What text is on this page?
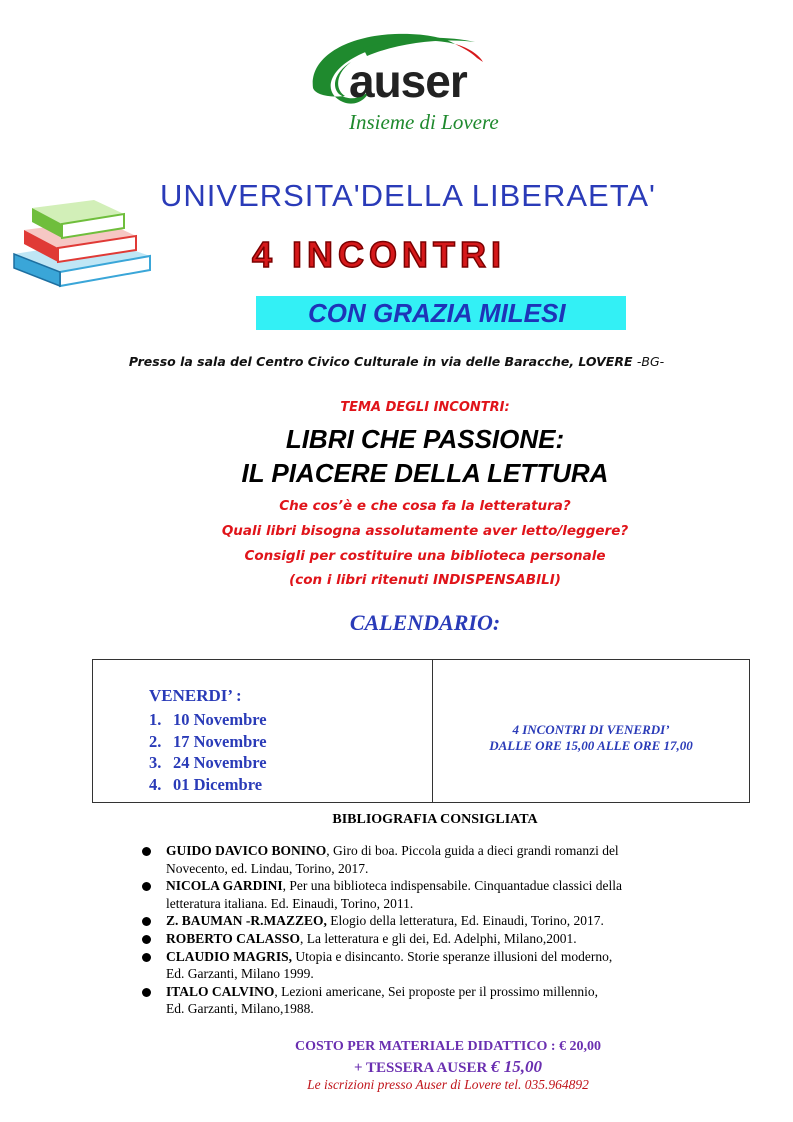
auser
Insieme di Lovere
UNIVERSITA'DELLA LIBERAETA'
4 INCONTRI
CON GRAZIA MILESI
Presso la sala del Centro Civico Culturale in via delle Baracche, LOVERE -BG-
TEMA DEGLI INCONTRI:
LIBRI CHE PASSIONE:
IL PIACERE DELLA LETTURA
Che cos’è e che cosa fa la letteratura?
Quali libri bisogna assolutamente aver letto/leggere?
Consigli per costituire una biblioteca personale
(con i libri ritenuti INDISPENSABILI)
CALENDARIO:
VENERDI’ :
1. 10 Novembre
2. 17 Novembre
3. 24 Novembre
4. 01 Dicembre
4 INCONTRI DI VENERDI’
DALLE ORE 15,00 ALLE ORE 17,00
BIBLIOGRAFIA CONSIGLIATA
GUIDO DAVICO BONINO, Giro di boa. Piccola guida a dieci grandi romanzi del
Novecento, ed. Lindau, Torino, 2017.
NICOLA GARDINI, Per una biblioteca indispensabile. Cinquantadue classici della
letteratura italiana. Ed. Einaudi, Torino, 2011.
Z. BAUMAN -R.MAZZEO, Elogio della letteratura, Ed. Einaudi, Torino, 2017.
ROBERTO CALASSO, La letteratura e gli dei, Ed. Adelphi, Milano,2001.
CLAUDIO MAGRIS, Utopia e disincanto. Storie speranze illusioni del moderno,
Ed. Garzanti, Milano 1999.
ITALO CALVINO, Lezioni americane, Sei proposte per il prossimo millennio,
Ed. Garzanti, Milano,1988.
COSTO PER MATERIALE DIDATTICO : € 20,00
+ TESSERA AUSER € 15,00
Le iscrizioni presso Auser di Lovere tel. 035.964892
